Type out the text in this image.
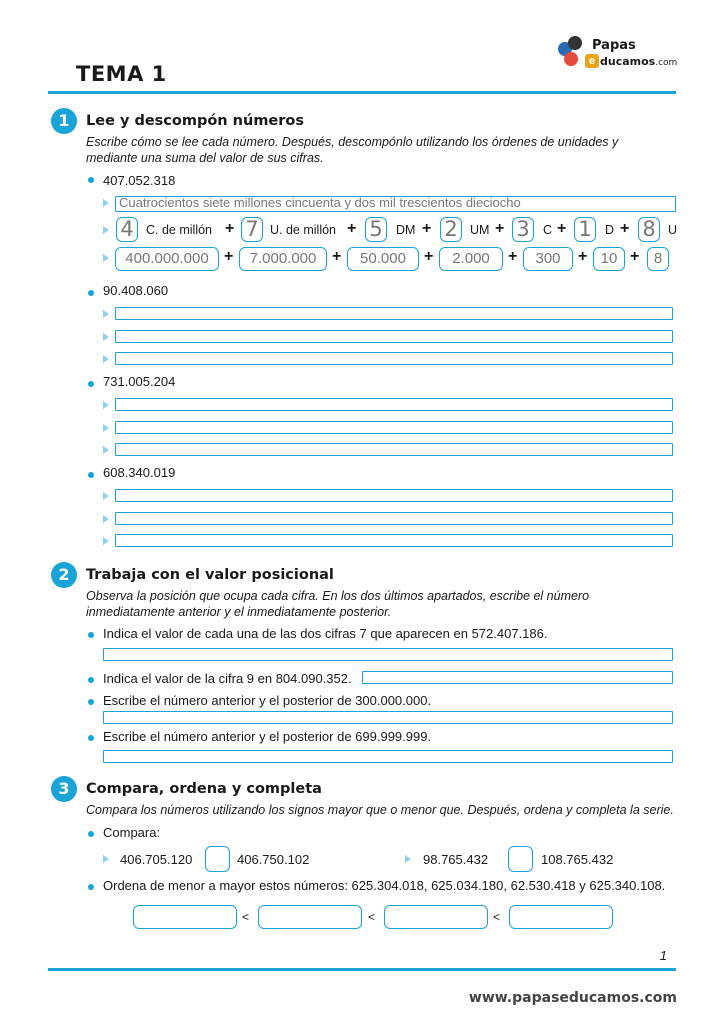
TEMA 1
Papas
e ducamos.com
1	Lee y descompón números
Escribe cómo se lee cada número. Después, descompónlo utilizando los órdenes de unidades y mediante una suma del valor de sus cifras.
407.052.318
Cuatrocientos siete millones cincuenta y dos mil trescientos dieciocho
4 C. de millón + 7 U. de millón + 5	DM + 2 UM + 3	C + 1	D + 8 U
400.000.000 +	7.000.000 +	50.000	+	2.000	+	300	+ 10 + 8
90.408.060
731.005.204
608.340.019
2	Trabaja con el valor posicional
Observa la posición que ocupa cada cifra. En los dos últimos apartados, escribe el número inmediatamente anterior y el inmediatamente posterior.
Indica el valor de cada una de las dos cifras 7 que aparecen en 572.407.186.
Indica el valor de la cifra 9 en 804.090.352.
Escribe el número anterior y el posterior de 300.000.000.
Escribe el número anterior y el posterior de 699.999.999.
3	Compara, ordena y completa
Compara los números utilizando los signos mayor que o menor que. Después, ordena y completa la serie.
Compara:
406.705.120	406.750.102	98.765.432	108.765.432
Ordena de menor a mayor estos números: 625.304.018, 625.034.180, 62.530.418 y 625.340.108.
<	<	<
1
www.papaseducamos.com
